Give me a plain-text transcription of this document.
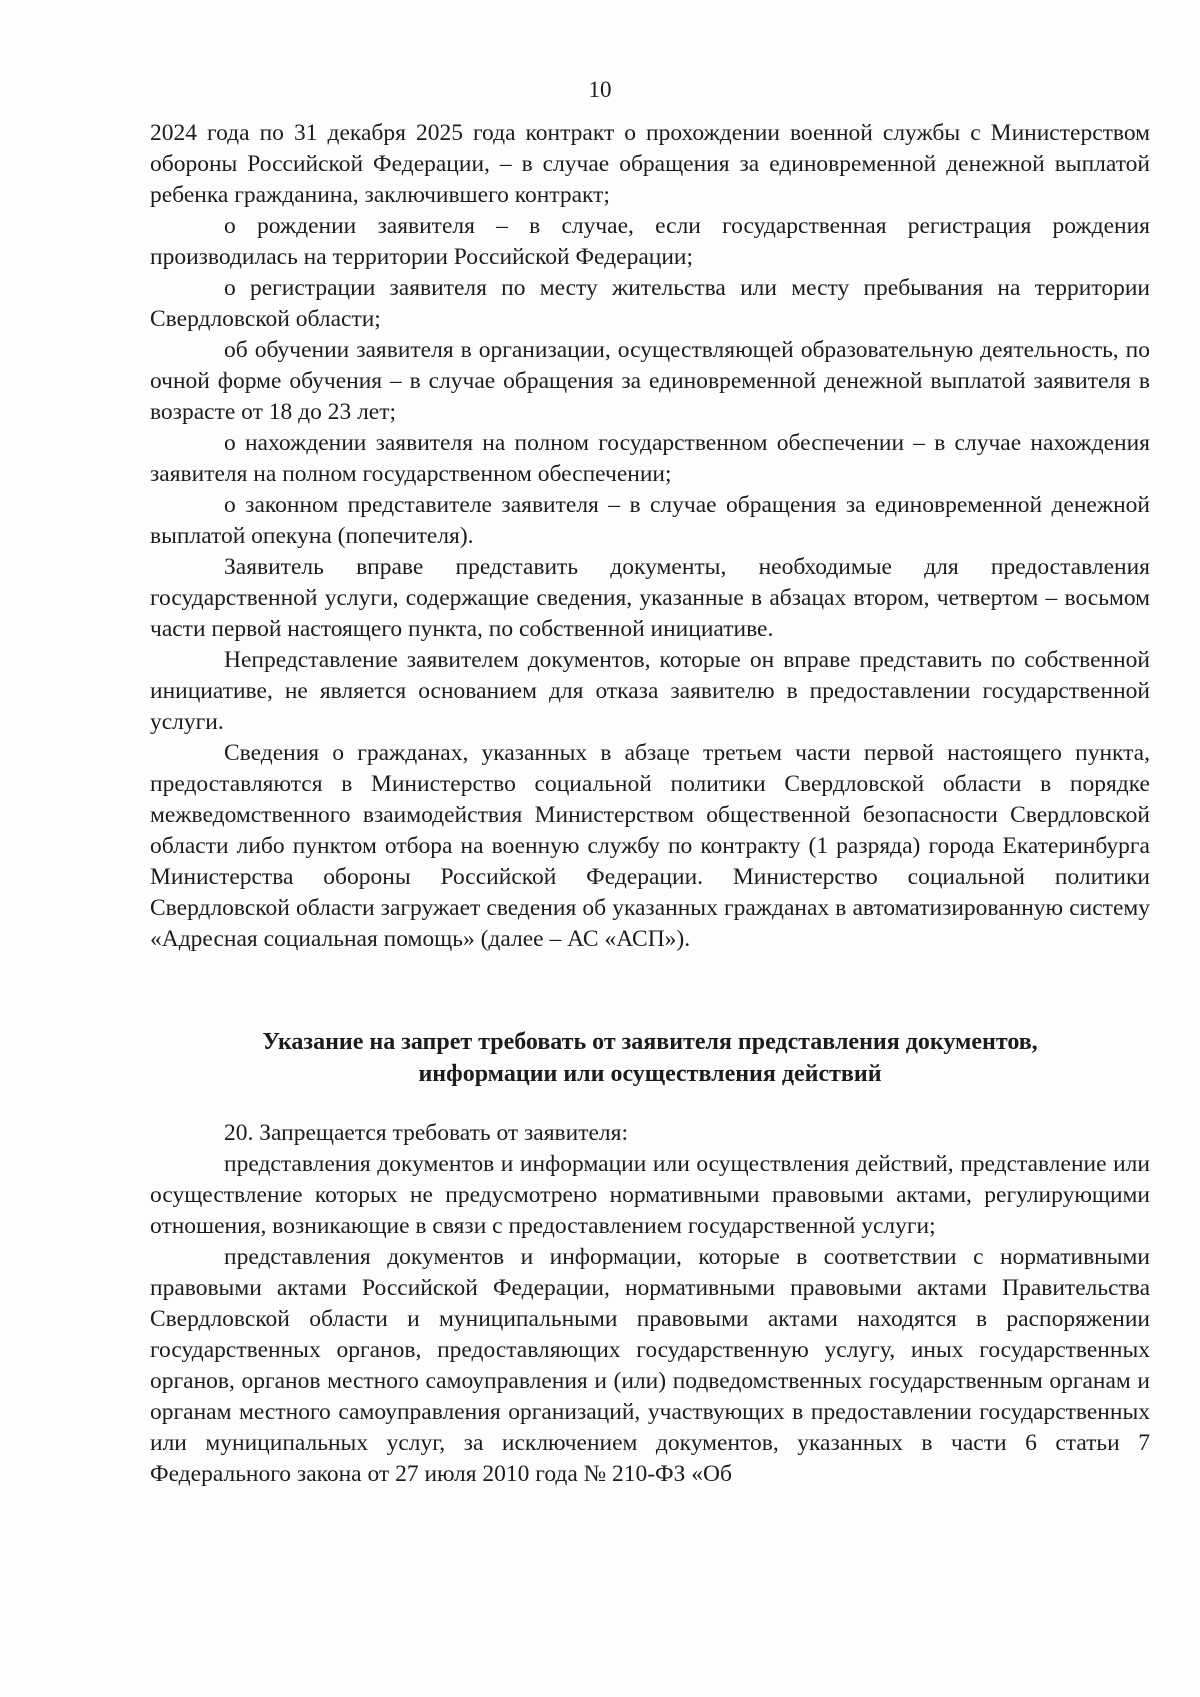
10

2024 года по 31 декабря 2025 года контракт о прохождении военной службы с Министерством обороны Российской Федерации, – в случае обращения за единовременной денежной выплатой ребенка гражданина, заключившего контракт;

о рождении заявителя – в случае, если государственная регистрация рождения производилась на территории Российской Федерации;

о регистрации заявителя по месту жительства или месту пребывания на территории Свердловской области;

об обучении заявителя в организации, осуществляющей образовательную деятельность, по очной форме обучения – в случае обращения за единовременной денежной выплатой заявителя в возрасте от 18 до 23 лет;

о нахождении заявителя на полном государственном обеспечении – в случае нахождения заявителя на полном государственном обеспечении;

о законном представителе заявителя – в случае обращения за единовременной денежной выплатой опекуна (попечителя).

Заявитель вправе представить документы, необходимые для предоставления государственной услуги, содержащие сведения, указанные в абзацах втором, четвертом – восьмом части первой настоящего пункта, по собственной инициативе.

Непредставление заявителем документов, которые он вправе представить по собственной инициативе, не является основанием для отказа заявителю в предоставлении государственной услуги.

Сведения о гражданах, указанных в абзаце третьем части первой настоящего пункта, предоставляются в Министерство социальной политики Свердловской области в порядке межведомственного взаимодействия Министерством общественной безопасности Свердловской области либо пунктом отбора на военную службу по контракту (1 разряда) города Екатеринбурга Министерства обороны Российской Федерации. Министерство социальной политики Свердловской области загружает сведения об указанных гражданах в автоматизированную систему «Адресная социальная помощь» (далее – АС «АСП»).

Указание на запрет требовать от заявителя представления документов,
информации или осуществления действий

20. Запрещается требовать от заявителя:

представления документов и информации или осуществления действий, представление или осуществление которых не предусмотрено нормативными правовыми актами, регулирующими отношения, возникающие в связи с предоставлением государственной услуги;

представления документов и информации, которые в соответствии с нормативными правовыми актами Российской Федерации, нормативными правовыми актами Правительства Свердловской области и муниципальными правовыми актами находятся в распоряжении государственных органов, предоставляющих государственную услугу, иных государственных органов, органов местного самоуправления и (или) подведомственных государственным органам и органам местного самоуправления организаций, участвующих в предоставлении государственных или муниципальных услуг, за исключением документов, указанных в части 6 статьи 7 Федерального закона от 27 июля 2010 года № 210-ФЗ «Об
